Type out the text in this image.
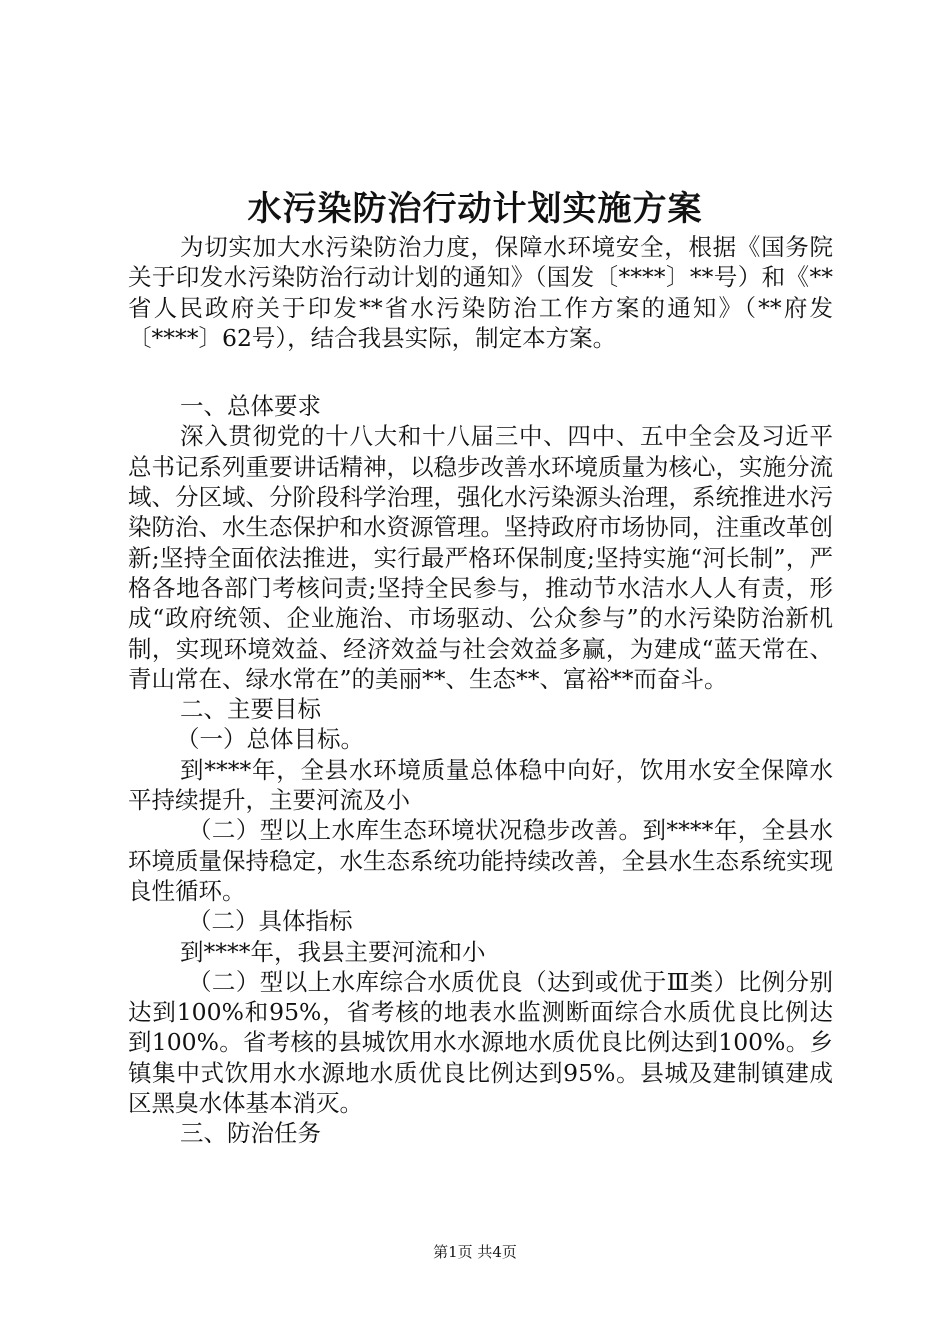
水污染防治行动计划实施方案

为切实加大水污染防治力度，保障水环境安全，根据《国务院关于印发水污染防治行动计划的通知》（国发〔****〕**号）和《**省人民政府关于印发**省水污染防治工作方案的通知》（**府发〔****〕62号），结合我县实际，制定本方案。

一、总体要求

深入贯彻党的十八大和十八届三中、四中、五中全会及习近平总书记系列重要讲话精神，以稳步改善水环境质量为核心，实施分流域、分区域、分阶段科学治理，强化水污染源头治理，系统推进水污染防治、水生态保护和水资源管理。坚持政府市场协同，注重改革创新;坚持全面依法推进，实行最严格环保制度;坚持实施“河长制”，严格各地各部门考核问责;坚持全民参与，推动节水洁水人人有责，形成“政府统领、企业施治、市场驱动、公众参与”的水污染防治新机制，实现环境效益、经济效益与社会效益多赢，为建成“蓝天常在、青山常在、绿水常在”的美丽**、生态**、富裕**而奋斗。

二、主要目标

（一）总体目标。

到****年，全县水环境质量总体稳中向好，饮用水安全保障水平持续提升，主要河流及小

（二）型以上水库生态环境状况稳步改善。到****年，全县水环境质量保持稳定，水生态系统功能持续改善，全县水生态系统实现良性循环。

（二）具体指标

到****年，我县主要河流和小

（二）型以上水库综合水质优良（达到或优于Ⅲ类）比例分别达到100%和95%，省考核的地表水监测断面综合水质优良比例达到100%。省考核的县城饮用水水源地水质优良比例达到100%。乡镇集中式饮用水水源地水质优良比例达到95%。县城及建制镇建成区黑臭水体基本消灭。

三、防治任务

第1页 共4页
